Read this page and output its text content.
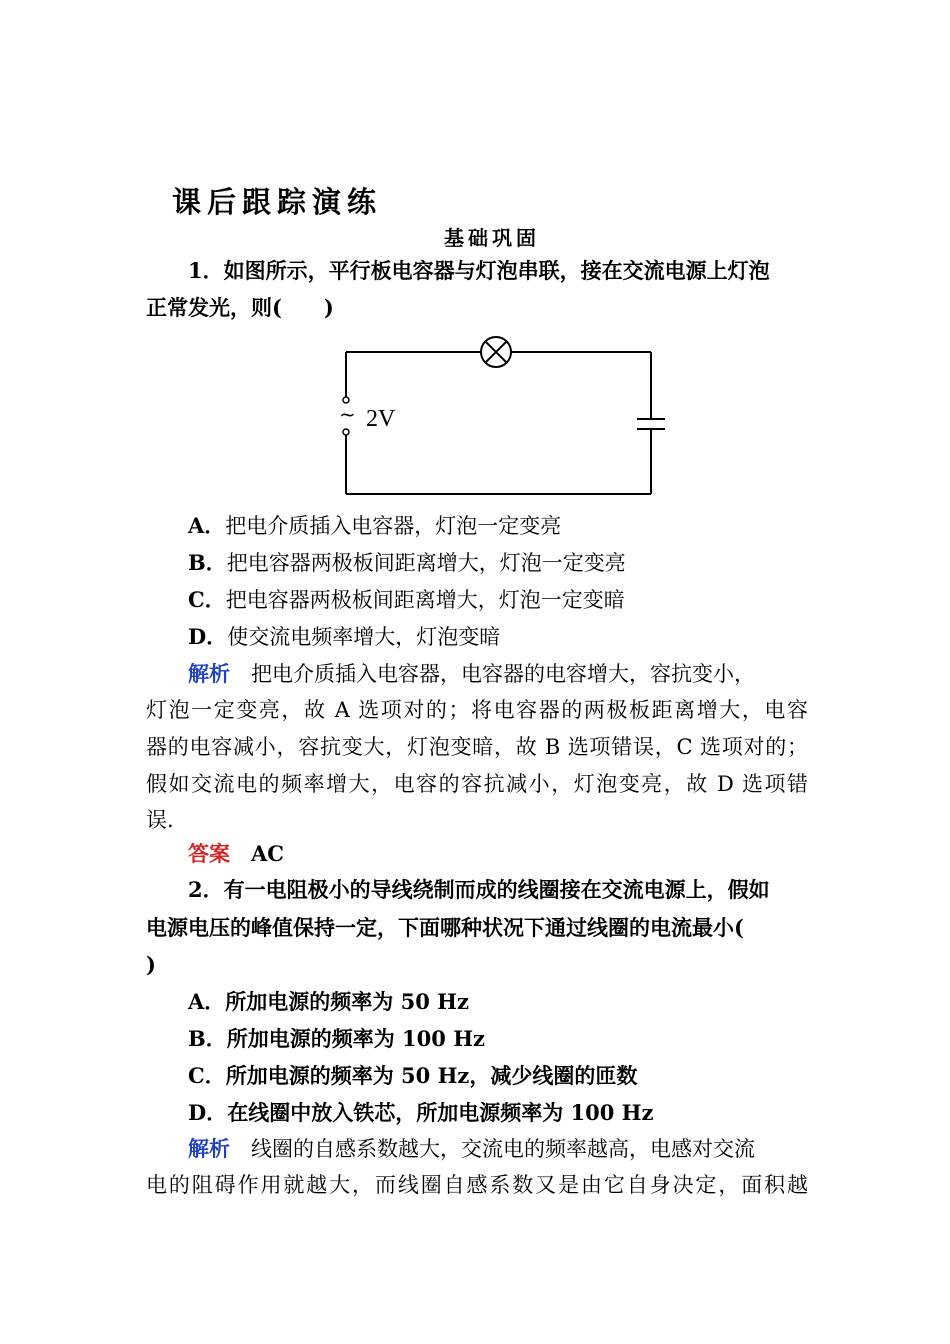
课后跟踪演练
基础巩固
1．如图所示，平行板电容器与灯泡串联，接在交流电源上灯泡
正常发光，则(　　)
~ 2V
A．把电介质插入电容器，灯泡一定变亮
B．把电容器两极板间距离增大，灯泡一定变亮
C．把电容器两极板间距离增大，灯泡一定变暗
D．使交流电频率增大，灯泡变暗
解析　 把电介质插入电容器，电容器的电容增大，容抗变小，
灯泡一定变亮，故 A 选项对的；将电容器的两极板距离增大，电容
器的电容减小，容抗变大，灯泡变暗，故 B 选项错误，C 选项对的；
假如交流电的频率增大，电容的容抗减小，灯泡变亮，故 D 选项错
误.
答案　 AC
2．有一电阻极小的导线绕制而成的线圈接在交流电源上，假如
电源电压的峰值保持一定，下面哪种状况下通过线圈的电流最小(
)
A．所加电源的频率为 50 Hz
B．所加电源的频率为 100 Hz
C．所加电源的频率为 50 Hz，减少线圈的匝数
D．在线圈中放入铁芯，所加电源频率为 100 Hz
解析　 线圈的自感系数越大，交流电的频率越高，电感对交流
电的阻碍作用就越大，而线圈自感系数又是由它自身决定，面积越
